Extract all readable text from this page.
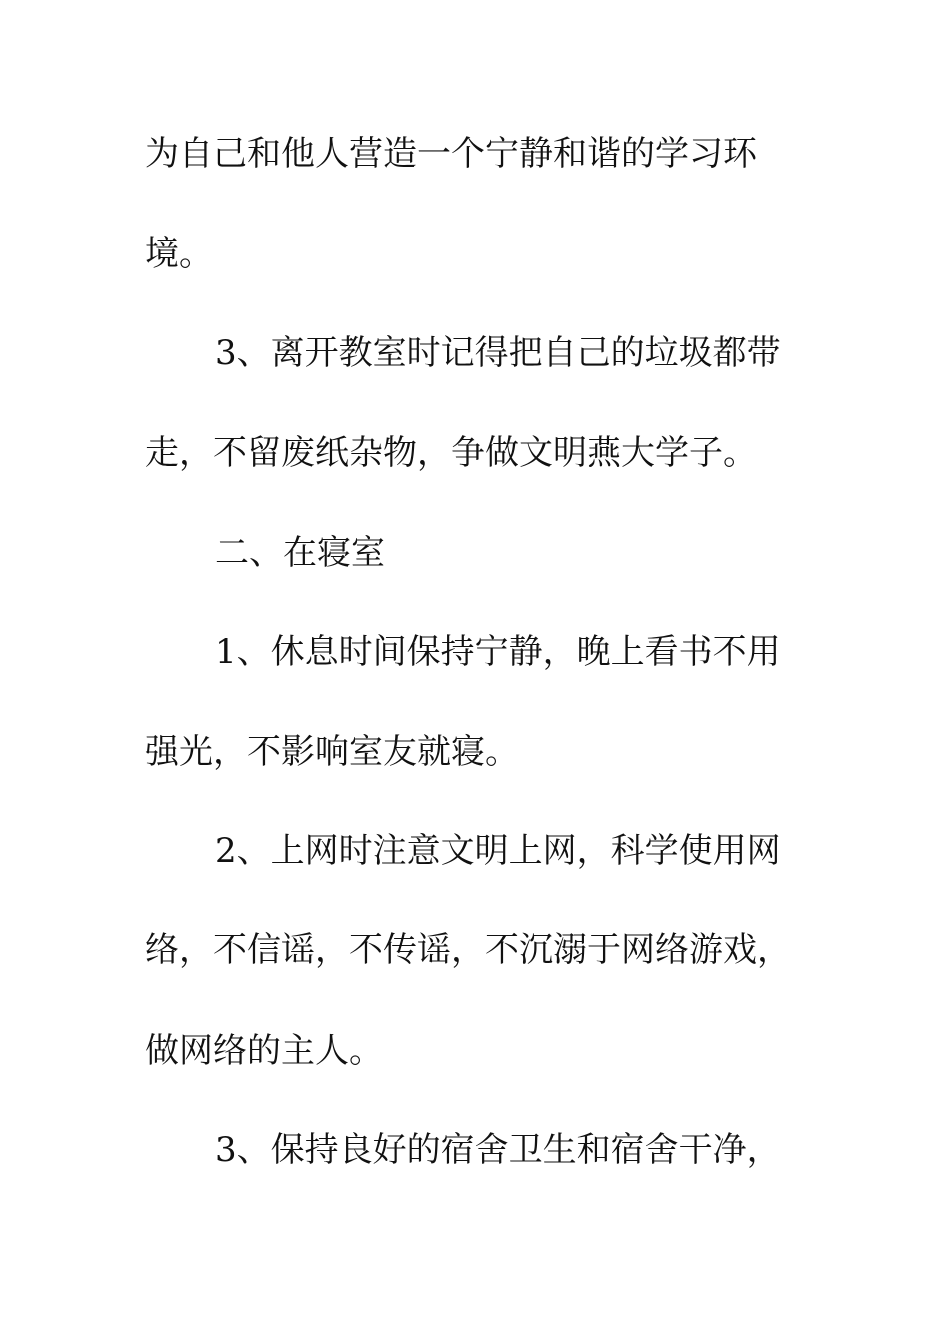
为自己和他人营造一个宁静和谐的学习环

境。

3、离开教室时记得把自己的垃圾都带

走，不留废纸杂物，争做文明燕大学子。

二、在寝室

1、休息时间保持宁静，晚上看书不用

强光，不影响室友就寝。

2、上网时注意文明上网，科学使用网

络，不信谣，不传谣，不沉溺于网络游戏，

做网络的主人。

3、保持良好的宿舍卫生和宿舍干净，
